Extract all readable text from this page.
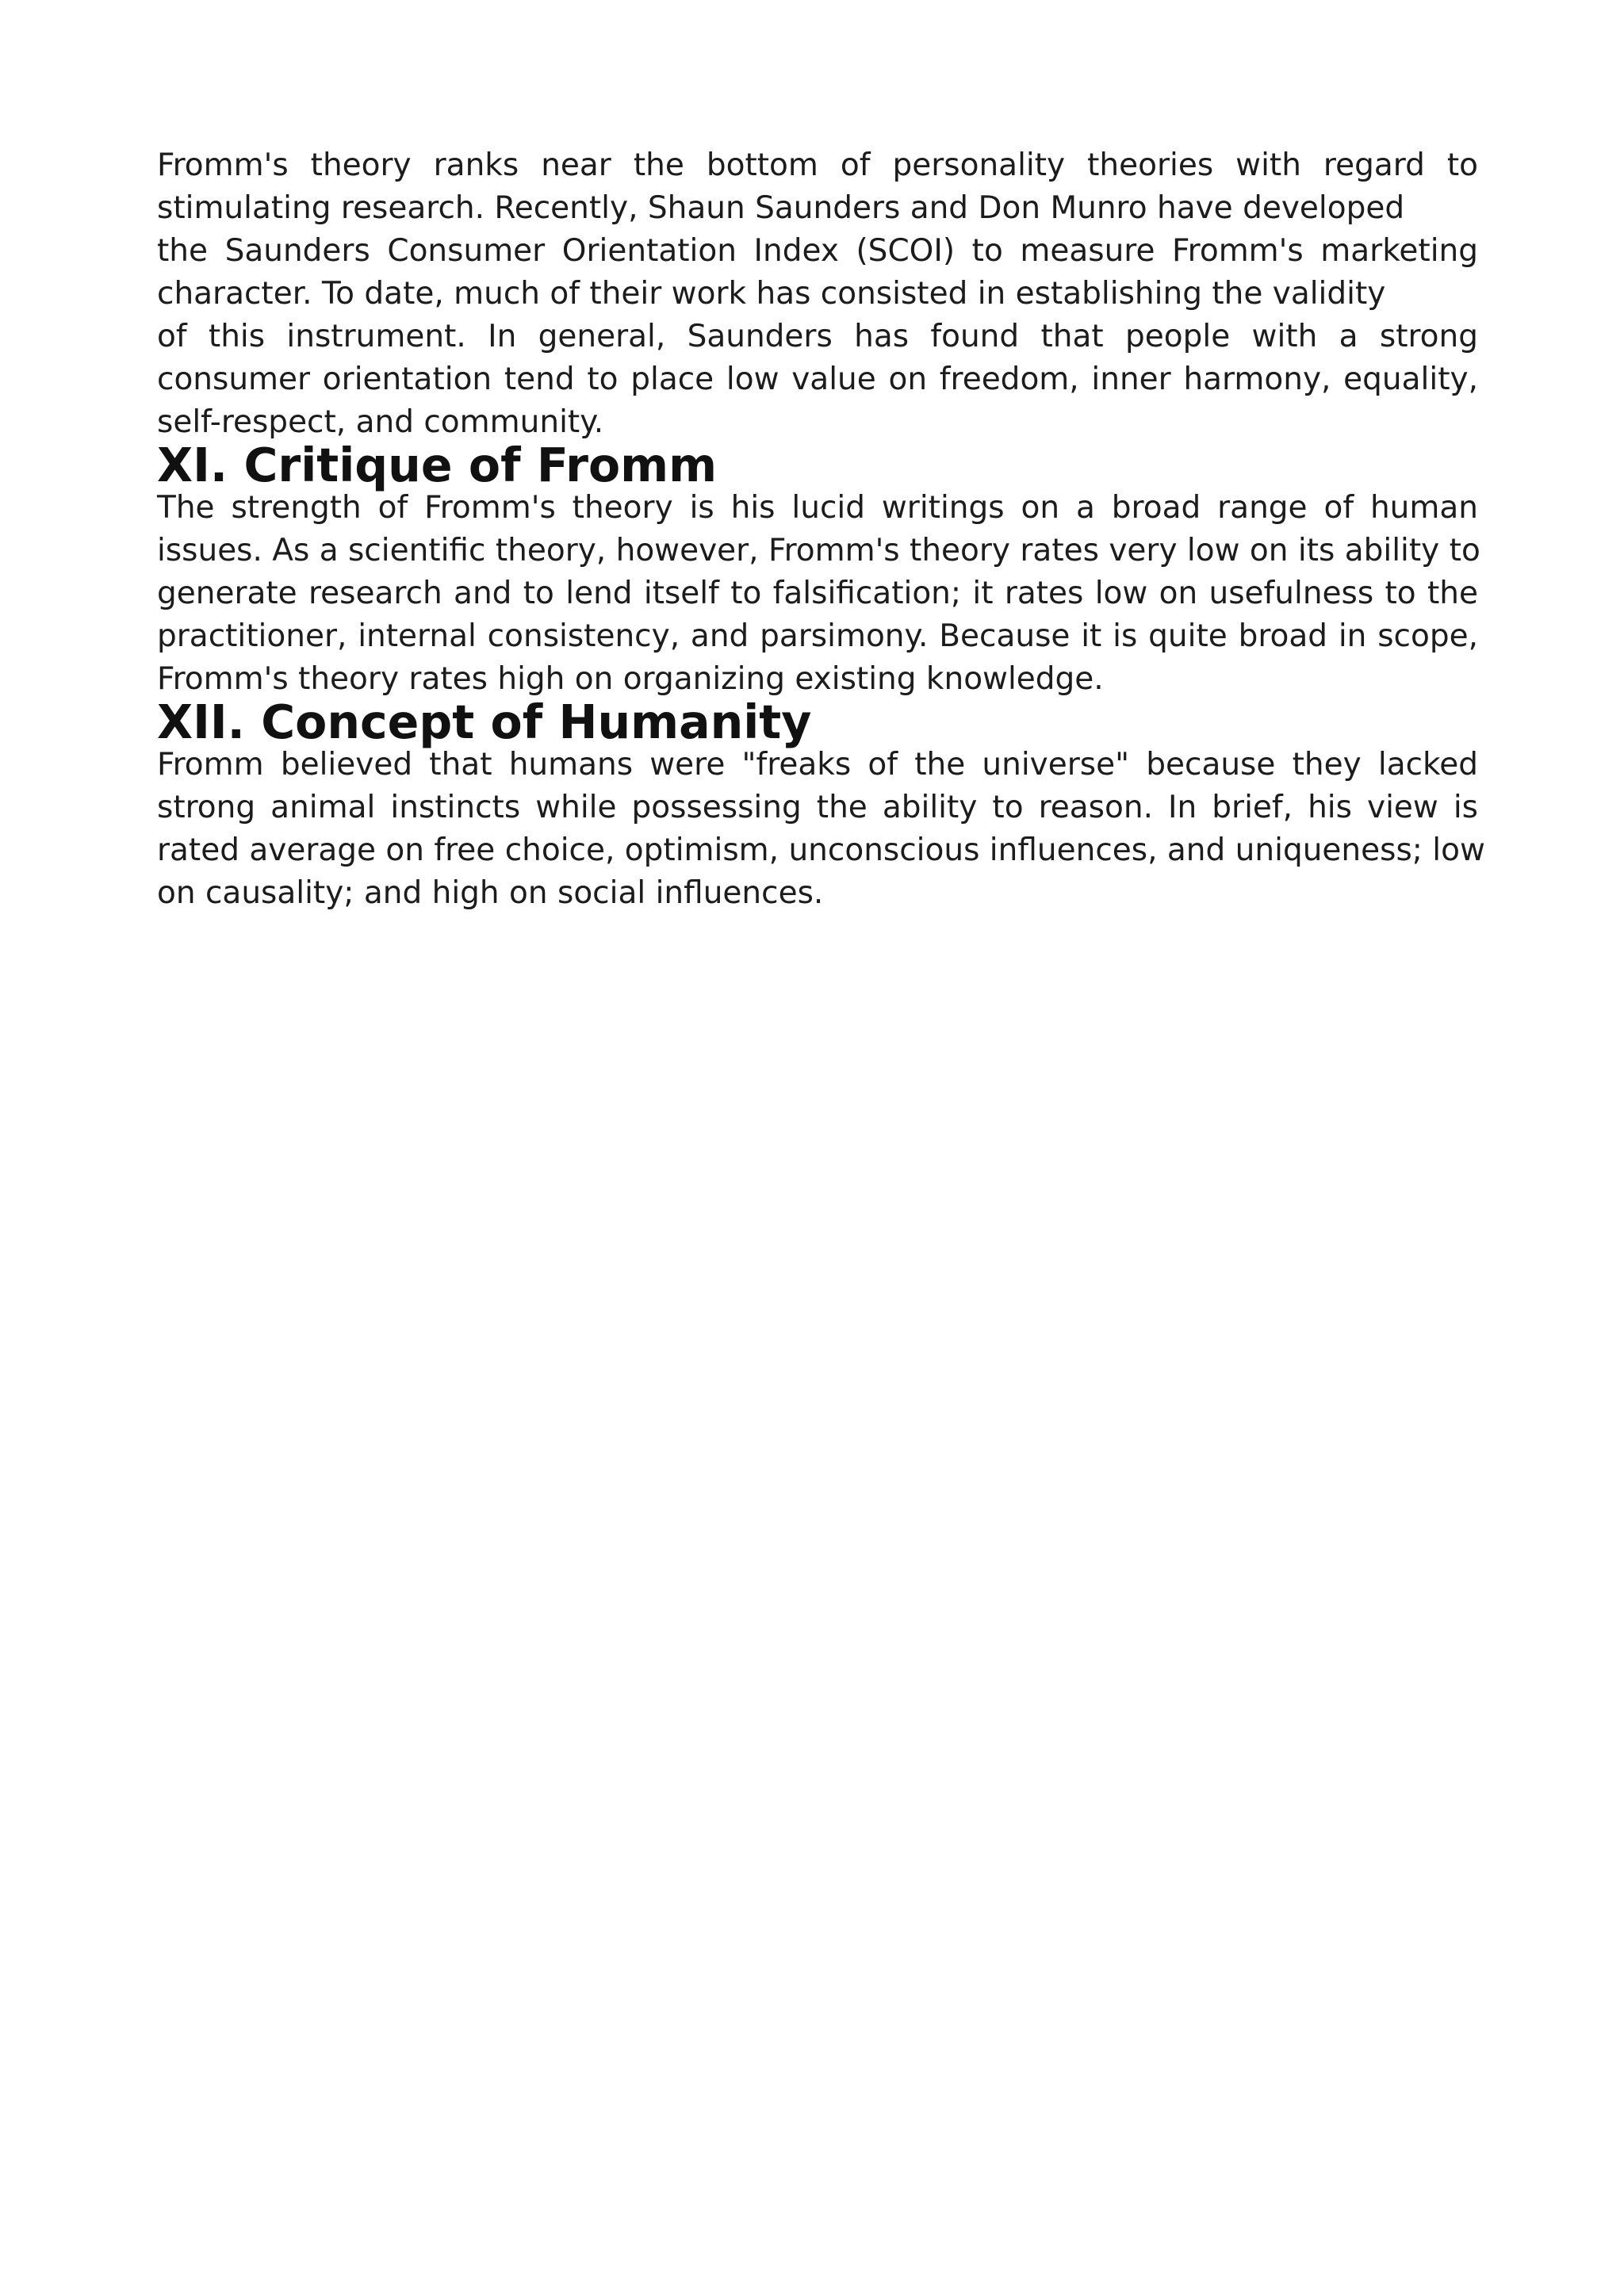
Fromm's theory ranks near the bottom of personality theories with regard to
stimulating research. Recently, Shaun Saunders and Don Munro have developed
the Saunders Consumer Orientation Index (SCOI) to measure Fromm's marketing
character. To date, much of their work has consisted in establishing the validity
of this instrument. In general, Saunders has found that people with a strong
consumer orientation tend to place low value on freedom, inner harmony, equality,
self-respect, and community.

XI. Critique of Fromm

The strength of Fromm's theory is his lucid writings on a broad range of human
issues. As a scientific theory, however, Fromm's theory rates very low on its ability to
generate research and to lend itself to falsification; it rates low on usefulness to the
practitioner, internal consistency, and parsimony. Because it is quite broad in scope,
Fromm's theory rates high on organizing existing knowledge.

XII. Concept of Humanity

Fromm believed that humans were "freaks of the universe" because they lacked
strong animal instincts while possessing the ability to reason. In brief, his view is
rated average on free choice, optimism, unconscious influences, and uniqueness; low
on causality; and high on social influences.
